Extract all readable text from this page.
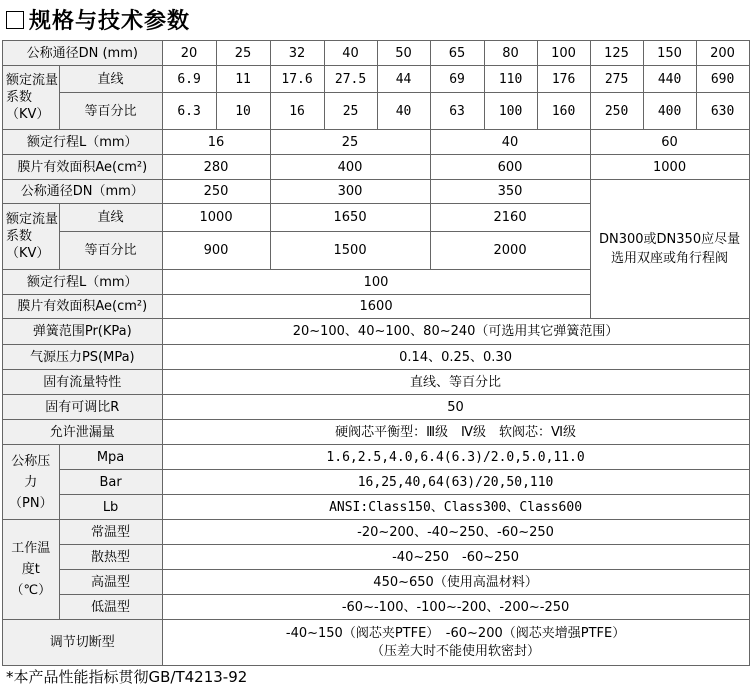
规格与技术参数
公称通径DN (mm)		20	25	32	40	50	65	80	100	125	150	200
额定流量系数（KV）	直线	6.9	11	17.6	27.5	44	69	110	176	275	440	690
	等百分比	6.3	10	16	25	40	63	100	160	250	400	630
额定行程L（mm）		16		25			40			60		
膜片有效面积Ae(cm²)		280		400			600			1000		
公称通径DN（mm）		250		300			350			DN300或DN350应尽量选用双座或角行程阀		
额定流量系数（KV）	直线	1000		1650			2160					
	等百分比	900		1500			2000					
额定行程L（mm）		100										
膜片有效面积Ae(cm²)		1600										
弹簧范围Pr(KPa)		20~100、40~100、80~240（可选用其它弹簧范围）										
气源压力PS(MPa)		0.14、0.25、0.30										
固有流量特性		直线、等百分比										
固有可调比R		50										
允许泄漏量		硬阀芯平衡型：Ⅲ级　Ⅳ级　软阀芯：Ⅵ级										
公称压力（PN）	Mpa	1.6,2.5,4.0,6.4(6.3)/2.0,5.0,11.0										
	Bar	16,25,40,64(63)/20,50,110										
	Lb	ANSI:Class150、Class300、Class600										
工作温度t（℃）	常温型	-20~200、-40~250、-60~250										
	散热型	-40~250　-60~250										
	高温型	450~650（使用高温材料）										
	低温型	-60~-100、-100~-200、-200~-250										
调节切断型		-40~150（阀芯夹PTFE）　-60~200（阀芯夹增强PTFE）
（压差大时不能使用软密封）										
*本产品性能指标贯彻GB/T4213-92
